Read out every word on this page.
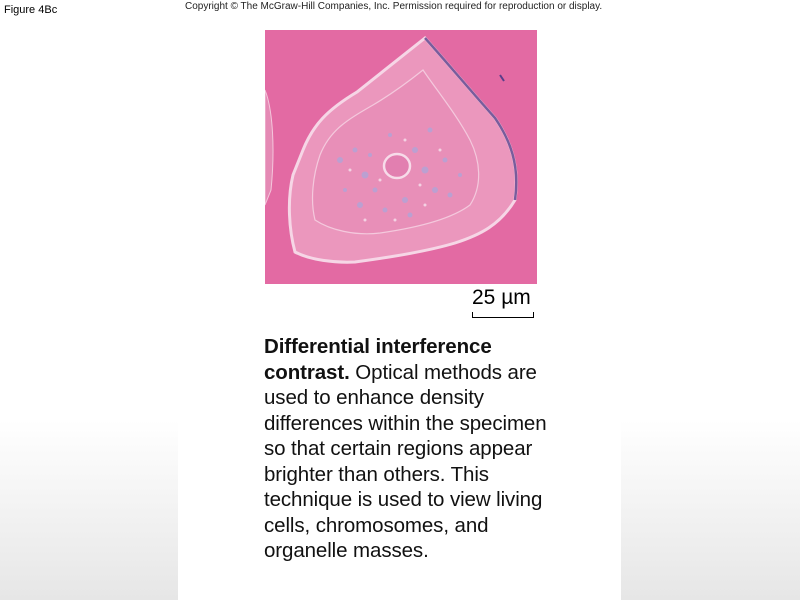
Figure 4Bc	Copyright © The McGraw-Hill Companies, Inc. Permission required for reproduction or display.
25 µm
Differential interference contrast. Optical methods are used to enhance density differences within the specimen so that certain regions appear brighter than others. This technique is used to view living cells, chromosomes, and organelle masses.
